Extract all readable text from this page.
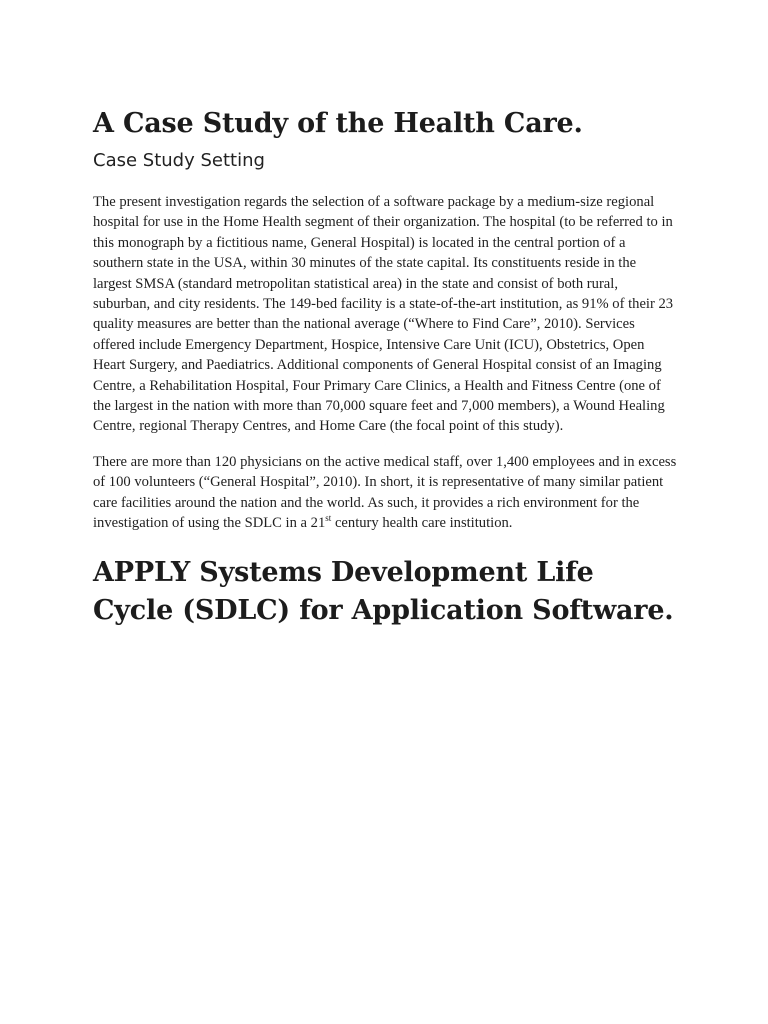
A Case Study of the Health Care.
Case Study Setting

The present investigation regards the selection of a software package by a medium-size regional hospital for use in the Home Health segment of their organization. The hospital (to be referred to in this monograph by a fictitious name, General Hospital) is located in the central portion of a southern state in the USA, within 30 minutes of the state capital. Its constituents reside in the largest SMSA (standard metropolitan statistical area) in the state and consist of both rural, suburban, and city residents. The 149-bed facility is a state-of-the-art institution, as 91% of their 23 quality measures are better than the national average (“Where to Find Care”, 2010). Services offered include Emergency Department, Hospice, Intensive Care Unit (ICU), Obstetrics, Open Heart Surgery, and Paediatrics. Additional components of General Hospital consist of an Imaging Centre, a Rehabilitation Hospital, Four Primary Care Clinics, a Health and Fitness Centre (one of the largest in the nation with more than 70,000 square feet and 7,000 members), a Wound Healing Centre, regional Therapy Centres, and Home Care (the focal point of this study).

There are more than 120 physicians on the active medical staff, over 1,400 employees and in excess of 100 volunteers (“General Hospital”, 2010). In short, it is representative of many similar patient care facilities around the nation and the world. As such, it provides a rich environment for the investigation of using the SDLC in a 21st century health care institution.

APPLY Systems Development Life Cycle (SDLC) for Application Software.
